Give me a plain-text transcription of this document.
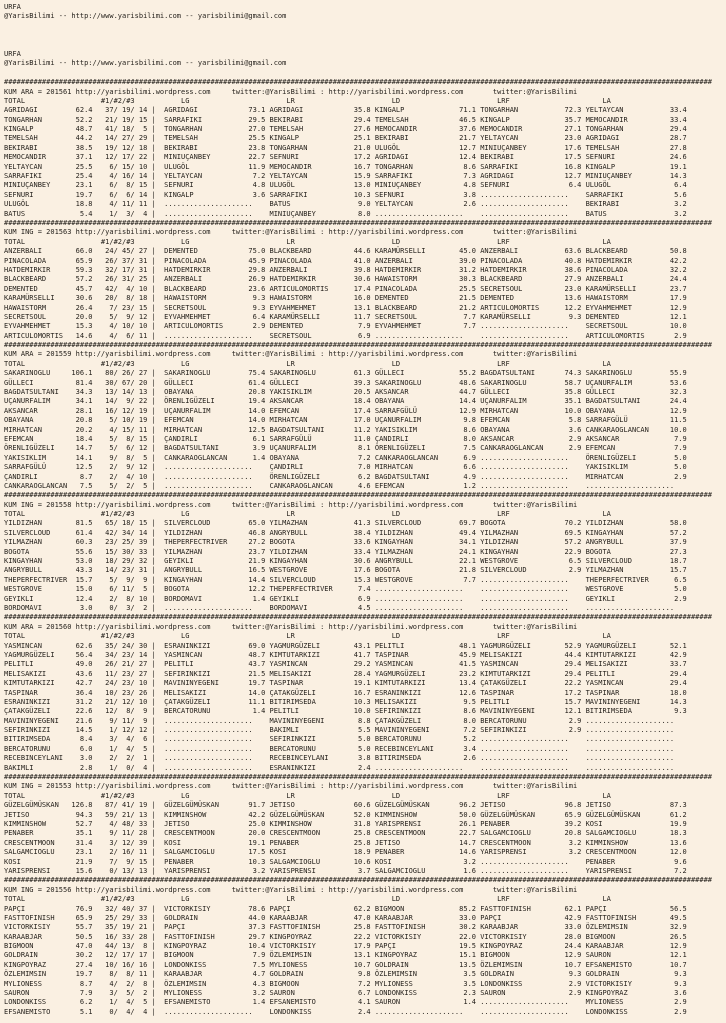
URFA
@YarisBilimi -- http://www.yarisbilimi.com -- yarisbilimi@gmail.com

URFA
@YarisBilimi -- http://www.yarisbilimi.com -- yarisbilimi@gmail.com

########################################################################################################################################################################
KUM ARA = 201561 http://yarisbilimi.wordpress.com     twitter:@YarisBilimi : http://yarisbilimi.wordpress.com       twitter:@YarisBilimi
TOTAL                  #1/#2/#3           LG                       LR                       LD                       LRF                      LA
AGRIDAGI         62.4   37/ 19/ 14 |  AGRIDAGI            73.1 AGRIDAGI            35.8 KINGALP             71.1 TONGARHAN           72.3 YELTAYCAN           33.4
TONGARHAN        52.2   21/ 19/ 15 |  SARRAFIKI           29.5 BEKIRABI            29.4 TEMELSAH            46.5 KINGALP             35.7 MEMOCANDIR          33.4
KINGALP          48.7   41/ 18/  5 |  TONGARHAN           27.0 TEMELSAH            27.6 MEMOCANDIR          37.6 MEMOCANDIR          27.1 TONGARHAN           29.4
TEMELSAH         44.2   14/ 27/ 29 |  TEMELSAH            25.5 KINGALP             25.1 BEKIRABI            21.7 YELTAYCAN           23.0 AGRIDAGI            28.7
BEKIRABI         38.5   19/ 12/ 18 |  BEKIRABI            23.8 TONGARHAN           21.0 ULUGÖL              12.7 MINIUÇANBEY         17.6 TEMELSAH            27.8
MEMOCANDIR       37.1   12/ 17/ 22 |  MINIUÇANBEY         22.7 SEFNURI             17.2 AGRIDAGI            12.4 BEKIRABI            17.5 SEFNURI             24.6
YELTAYCAN        25.5    6/ 15/ 10 |  ULUGÖL              11.9 MEMOCANDIR          16.7 TONGARHAN            8.6 SARRAFIKI           16.8 KINGALP             19.1
SARRAFIKI        25.4    4/ 16/ 14 |  YELTAYCAN            7.2 YELTAYCAN           15.9 SARRAFIKI            7.3 AGRIDAGI            12.7 MINIUÇANBEY         14.3
MINIUÇANBEY      23.1    6/  8/ 15 |  SEFNURI              4.8 ULUGÖL              13.0 MINIUÇANBEY          4.8 SEFNURI              6.4 ULUGÖL               6.4
SEFNURI          19.7    6/  6/ 14 |  KINGALP              3.6 SARRAFIKI           10.3 SEFNURI              3.8 .....................    SARRAFIKI            5.6
ULUGÖL           18.8    4/ 11/ 11 |  .....................    BATUS                9.0 YELTAYCAN            2.6 .....................    BEKIRABI             3.2
BATUS             5.4    1/  3/  4 |  .....................    MINIUÇANBEY          8.0 .....................    .....................    BATUS                3.2
########################################################################################################################################################################
KUM ING = 201563 http://yarisbilimi.wordpress.com     twitter:@YarisBilimi : http://yarisbilimi.wordpress.com       twitter:@YarisBilimi
TOTAL                  #1/#2/#3           LG                       LR                       LD                       LRF                      LA
ANZERBALI        66.0   24/ 45/ 27 |  DEMENTED            75.0 BLACKBEARD          44.6 KARAMÜRSELLI        45.0 ANZERBALI           63.6 BLACKBEARD          50.8
PINACOLADA       65.9   26/ 37/ 31 |  PINACOLADA          45.9 PINACOLADA          41.0 ANZERBALI           39.0 PINACOLADA          40.8 HATDEMIRKIR         42.2
HATDEMIRKIR      59.3   32/ 17/ 31 |  HATDEMIRKIR         29.8 ANZERBALI           39.8 HATDEMIRKIR         31.2 HATDEMIRKIR         38.6 PINACOLADA          32.2
BLACKBEARD       57.2   26/ 31/ 25 |  ANZERBALI           26.9 HATDEMIRKIR         30.6 HAWAISTORM          30.3 BLACKBEARD          27.9 ANZERBALI           24.4
DEMENTED         45.7   42/  4/ 10 |  BLACKBEARD          23.6 ARTICULOMORTIS      17.4 PINACOLADA          25.5 SECRETSOUL          23.0 KARAMÜRSELLI        23.7
KARAMÜRSELLI     30.6   20/  8/ 18 |  HAWAISTORM           9.3 HAWAISTORM          16.0 DEMENTED            21.5 DEMENTED            13.6 HAWAISTORM          17.9
HAWAISTORM       26.4    7/ 23/ 15 |  SECRETSOUL           9.3 EYVAHMEHMET         13.1 BLACKBEARD          21.2 ARTICULOMORTIS      12.2 EYVAHMEHMET         12.9
SECRETSOUL       20.0    5/  9/ 12 |  EYVAHMEHMET          6.4 KARAMÜRSELLI        11.7 SECRETSOUL           7.7 KARAMÜRSELLI         9.3 DEMENTED            12.1
EYVAHMEHMET      15.3    4/ 10/ 10 |  ARTICULOMORTIS       2.9 DEMENTED             7.9 EYVAHMEHMET          7.7 .....................    SECRETSOUL          10.0
ARTICULOMORTIS   14.6    4/  6/ 11 |  .....................    SECRETSOUL           6.9 .....................    .....................    ARTICULOMORTIS       2.9
########################################################################################################################################################################
KUM ARA = 201559 http://yarisbilimi.wordpress.com     twitter:@YarisBilimi : http://yarisbilimi.wordpress.com       twitter:@YarisBilimi
TOTAL                  #1/#2/#3           LG                       LR                       LD                       LRF                      LA
SAKARINOGLU     106.1   80/ 26/ 27 |  SAKARINOGLU         75.4 SAKARINOGLU         61.3 GÜLLECI             55.2 BAGDATSULTANI       74.3 SAKARINOGLU         55.9
GÜLLECI          81.4   30/ 67/ 20 |  GÜLLECI             61.4 GÜLLECI             39.3 SAKARINOGLU         48.6 SAKARINOGLU         58.7 UÇANURFALIM         53.6
BAGDATSULTANI    34.3   13/ 14/ 13 |  OBAYANA             20.8 YAKISIKLIM          20.5 AKSANCAR            44.7 GÜLLECI             35.8 GÜLLECI             32.3
UÇANURFALIM      34.1   14/  9/ 22 |  ÖRENLIGÜZELI        19.4 AKSANCAR            18.4 OBAYANA             14.4 UÇANURFALIM         35.1 BAGDATSULTANI       24.4
AKSANCAR         28.1   16/ 12/ 19 |  UÇANURFALIM         14.0 EFEMCAN             17.4 SARRAFGÜLÜ          12.9 MIRHATCAN           10.0 OBAYANA             12.9
OBAYANA          20.8    5/ 10/ 19 |  EFEMCAN             14.0 MIRHATCAN           17.0 UÇANURFALIM          9.8 EFEMCAN              5.8 SARRAFGÜLÜ          11.5
MIRHATCAN        20.2    4/ 15/ 11 |  MIRHATCAN           12.5 BAGDATSULTANI       11.2 YAKISIKLIM           8.6 OBAYANA              3.6 CANKARAOGLANCAN     10.0
EFEMCAN          18.4    5/  8/ 15 |  ÇANDIRLI             6.1 SARRAFGÜLÜ          11.0 ÇANDIRLI             8.0 AKSANCAR             2.9 AKSANCAR             7.9
ÖRENLIGÜZELI     14.7    5/  6/ 12 |  BAGDATSULTANI        3.9 UÇANURFALIM          8.1 ÖRENLIGÜZELI         7.5 CANKARAOGLANCAN      2.9 EFEMCAN              7.9
YAKISIKLIM       14.1    9/  8/  5 |  CANKARAOGLANCAN      1.4 OBAYANA              7.2 CANKARAOGLANCAN      6.9 .....................    ÖRENLIGÜZELI         5.0
SARRAFGÜLÜ       12.5    2/  9/ 12 |  .....................    ÇANDIRLI             7.0 MIRHATCAN            6.6 .....................    YAKISIKLIM           5.0
ÇANDIRLI          8.7    2/  4/ 10 |  .....................    ÖRENLIGÜZELI         6.2 BAGDATSULTANI        4.9 .....................    MIRHATCAN            2.9
CANKARAOGLANCAN   7.5    5/  2/  5 |  .....................    CANKARAOGLANCAN      4.6 EFEMCAN              1.2 .....................    .....................
########################################################################################################################################################################
KUM ING = 201558 http://yarisbilimi.wordpress.com     twitter:@YarisBilimi : http://yarisbilimi.wordpress.com       twitter:@YarisBilimi
TOTAL                  #1/#2/#3           LG                       LR                       LD                       LRF                      LA
YILDIZHAN        81.5   65/ 18/ 15 |  SILVERCLOUD         65.0 YILMAZHAN           41.3 SILVERCLOUD         69.7 BOGOTA              70.2 YILDIZHAN           58.0
SILVERCLOUD      61.4   42/ 34/ 14 |  YILDIZHAN           46.8 ANGRYBULL           38.4 YILDIZHAN           49.4 YILMAZHAN           69.5 KINGAYHAN           57.2
YILMAZHAN        60.3   23/ 25/ 39 |  THEPERFECTRIVER     27.2 BOGOTA              33.6 KINGAYHAN           34.1 YILDIZHAN           57.2 ANGRYBULL           37.9
BOGOTA           55.6   15/ 30/ 33 |  YILMAZHAN           23.7 YILDIZHAN           33.4 YILMAZHAN           24.1 KINGAYHAN           22.9 BOGOTA              27.3
KINGAYHAN        53.0   18/ 29/ 32 |  GEYIKLI             21.9 KINGAYHAN           30.6 ANGRYBULL           22.1 WESTGROVE            6.5 SILVERCLOUD         18.7
ANGRYBULL        43.3   14/ 23/ 31 |  ANGRYBULL           16.5 WESTGROVE           17.6 BOGOTA              21.8 SILVERCLOUD          2.9 YILMAZHAN           15.7
THEPERFECTRIVER  15.7    5/  9/  9 |  KINGAYHAN           14.4 SILVERCLOUD         15.3 WESTGROVE            7.7 .....................    THEPERFECTRIVER      6.5
WESTGROVE        15.0    6/ 11/  5 |  BOGOTA              12.2 THEPERFECTRIVER      7.4 .....................    .....................    WESTGROVE            5.0
GEYIKLI          12.4    2/  8/ 10 |  BORDOMAVI            1.4 GEYIKLI              6.9 .....................    .....................    GEYIKLI              2.9
BORDOMAVI         3.0    0/  3/  2 |  .....................    BORDOMAVI            4.5 .....................    .....................    .....................
########################################################################################################################################################################
KUM ARA = 201560 http://yarisbilimi.wordpress.com     twitter:@YarisBilimi : http://yarisbilimi.wordpress.com       twitter:@YarisBilimi
TOTAL                  #1/#2/#3           LG                       LR                       LD                       LRF                      LA
YASMINCAN        62.6   35/ 24/ 30 |  ESRANINKIZI         69.0 YAGMURGÜZELI        43.1 PELITLI             48.1 YAGMURGÜZELI        52.9 YAGMURGÜZELI        52.1
YAGMURGÜZELI     56.4   34/ 23/ 14 |  YASMINCAN           48.7 KIMTUTARKIZI        41.7 TASPINAR            45.9 MELISAKIZI          44.4 KIMTUTARKIZI        42.9
PELITLI          49.0   26/ 21/ 27 |  PELITLI             43.7 YASMINCAN           29.2 YASMINCAN           41.5 YASMINCAN           29.4 MELISAKIZI          33.7
MELISAKIZI       43.6   11/ 23/ 27 |  SEFIRINKIZI         21.5 MELISAKIZI          28.4 YAGMURGÜZELI        23.2 KIMTUTARKIZI        29.4 PELITLI             29.4
KIMTUTARKIZI     42.7   24/ 23/ 10 |  MAVININYEGENI       19.7 TASPINAR            19.1 KIMTUTARKIZI        13.4 ÇATAKGÜZELI         22.2 YASMINCAN           29.4
TASPINAR         36.4   10/ 23/ 26 |  MELISAKIZI          14.0 ÇATAKGÜZELI         16.7 ESRANINKIZI         12.6 TASPINAR            17.2 TASPINAR            18.0
ESRANINKIZI      31.2   21/ 12/ 10 |  ÇATAKGÜZELI         11.1 BITIRIMSEDA         10.3 MELISAKIZI           9.5 PELITLI             15.7 MAVININYEGENI       14.3
ÇATAKGÜZELI      22.6   12/  8/  9 |  BERCATORUNU          1.4 PELITLI             10.0 SEFIRINKIZI          8.6 MAVININYEGENI       12.1 BITIRIMSEDA          9.3
MAVININYEGENI    21.6    9/ 11/  9 |  .....................    MAVININYEGENI        8.8 ÇATAKGÜZELI          8.0 BERCATORUNU          2.9 .....................
SEFIRINKIZI      14.5    1/ 12/ 12 |  .....................    BAKIMLI              5.5 MAVININYEGENI        7.2 SEFIRINKIZI          2.9 .....................
BITIRIMSEDA       8.4    3/  4/  6 |  .....................    SEFIRINKIZI          5.0 BERCATORUNU          5.2 .....................    .....................
BERCATORUNU       6.0    1/  4/  5 |  .....................    BERCATORUNU          5.0 RECEBINCEYLANI       3.4 .....................    .....................
RECEBINCEYLANI    3.0    2/  2/  1 |  .....................    RECEBINCEYLANI       3.8 BITIRIMSEDA          2.6 .....................    .....................
BAKIMLI           2.8    1/  0/  4 |  .....................    ESRANINKIZI          2.4 .....................    .....................    .....................
########################################################################################################################################################################
KUM ING = 201553 http://yarisbilimi.wordpress.com     twitter:@YarisBilimi : http://yarisbilimi.wordpress.com       twitter:@YarisBilimi
TOTAL                  #1/#2/#3           LG                       LR                       LD                       LRF                      LA
GÜZELGÜMÜSKAN   126.8   87/ 41/ 19 |  GÜZELGÜMÜSKAN       91.7 JETISO              60.6 GÜZELGÜMÜSKAN       96.2 JETISO              96.8 JETISO              87.3
JETISO           94.3   59/ 21/ 13 |  KIMMINSHOW          42.2 GÜZELGÜMÜSKAN       52.0 KIMMINSHOW          50.0 GÜZELGÜMÜSKAN       65.9 GÜZELGÜMÜSKAN       61.2
KIMMINSHOW       52.7    4/ 48/ 33 |  JETISO              25.0 KIMMINSHOW          31.8 YARISPRENSI         26.1 PENABER             39.2 KOSI                19.9
PENABER          35.1    9/ 11/ 28 |  CRESCENTMOON        20.0 CRESCENTMOON        25.8 CRESCENTMOON        22.7 SALGAMCIOGLU        20.8 SALGAMCIOGLU        18.3
CRESCENTMOON     31.4    3/ 12/ 39 |  KOSI                19.1 PENABER             25.8 JETISO              14.7 CRESCENTMOON         3.2 KIMMINSHOW          13.6
SALGAMCIOGLU     23.1    2/ 16/ 11 |  SALGAMCIOGLU        17.5 KOSI                18.9 PENABER             14.6 YARISPRENSI          3.2 CRESCENTMOON        12.0
KOSI             21.9    7/  9/ 15 |  PENABER             10.3 SALGAMCIOGLU        10.6 KOSI                 3.2 .....................    PENABER              9.6
YARISPRENSI      15.6    0/ 13/ 13 |  YARISPRENSI          3.2 YARISPRENSI          3.7 SALGAMCIOGLU         1.6 .....................    YARISPRENSI          7.2
########################################################################################################################################################################
KUM ING = 201556 http://yarisbilimi.wordpress.com     twitter:@YarisBilimi : http://yarisbilimi.wordpress.com       twitter:@YarisBilimi
TOTAL                  #1/#2/#3           LG                       LR                       LD                       LRF                      LA
PAPÇI            76.9   32/ 40/ 37 |  VICTORKISIY         78.6 PAPÇI               62.2 BIGMOON             85.2 FASTTOFINISH        62.1 PAPÇI               56.5
FASTTOFINISH     65.9   25/ 29/ 33 |  GOLDRAIN            44.0 KARAABJAR           47.0 KARAABJAR           33.0 PAPÇI               42.9 FASTTOFINISH        49.5
VICTORKISIY      55.7   35/ 19/ 21 |  PAPÇI               37.3 FASTTOFINISH        25.8 FASTTOFINISH        30.2 KARAABJAR           33.0 ÖZLEMIMSIN          32.9
KARAABJAR        50.5   16/ 33/ 28 |  FASTTOFINISH        29.7 KINGPOYRAZ          22.2 VICTORKISIY         22.0 VICTORKISIY         28.0 BIGMOON             26.5
BIGMOON          47.0   44/ 13/  8 |  KINGPOYRAZ          10.4 VICTORKISIY         17.9 PAPÇI               19.5 KINGPOYRAZ          24.4 KARAABJAR           12.9
GOLDRAIN         30.2   12/ 17/ 17 |  BIGMOON              7.9 ÖZLEMIMSIN          13.1 KINGPOYRAZ          15.1 BIGMOON             12.9 SAURON              12.1
KINGPOYRAZ       27.4   10/ 16/ 16 |  LONDONKISS           7.5 MYLIONESS           10.7 GOLDRAIN            13.5 ÖZLEMIMSIN          10.7 EFSANEMISTO         10.7
ÖZLEMIMSIN       19.7    8/  8/ 11 |  KARAABJAR            4.7 GOLDRAIN             9.8 ÖZLEMIMSIN           3.5 GOLDRAIN             9.3 GOLDRAIN             9.3
MYLIONESS         8.7    4/  2/  8 |  ÖZLEMIMSIN           4.3 BIGMOON              7.2 MYLIONESS            3.5 LONDONKISS           2.9 VICTORKISIY          9.3
SAURON            7.9    3/  5/  2 |  MYLIONESS            3.2 SAURON               6.7 LONDONKISS           2.3 SAURON               2.9 KINGPOYRAZ           3.6
LONDONKISS        6.2    1/  4/  5 |  EFSANEMISTO          1.4 EFSANEMISTO          4.1 SAURON               1.4 .....................    MYLIONESS            2.9
EFSANEMISTO       5.1    0/  4/  4 |  .....................    LONDONKISS           2.4 .....................    .....................    LONDONKISS           2.9
